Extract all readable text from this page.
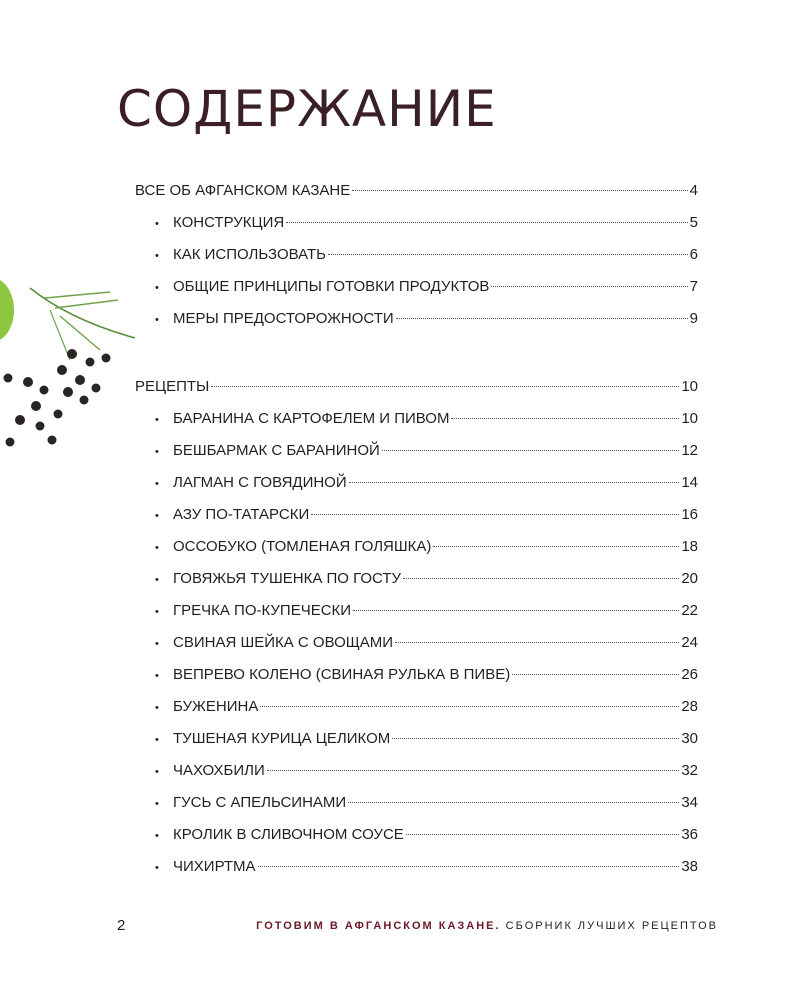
СОДЕРЖАНИЕ
ВСЕ ОБ АФГАНСКОМ КАЗАНЕ	4
• КОНСТРУКЦИЯ	5
• КАК ИСПОЛЬЗОВАТЬ	6
• ОБЩИЕ ПРИНЦИПЫ ГОТОВКИ ПРОДУКТОВ	7
• МЕРЫ ПРЕДОСТОРОЖНОСТИ	9
РЕЦЕПТЫ	10
• БАРАНИНА С КАРТОФЕЛЕМ И ПИВОМ	10
• БЕШБАРМАК С БАРАНИНОЙ	12
• ЛАГМАН С ГОВЯДИНОЙ	14
• АЗУ ПО-ТАТАРСКИ	16
• ОССОБУКО (ТОМЛЕНАЯ ГОЛЯШКА)	18
• ГОВЯЖЬЯ ТУШЕНКА ПО ГОСТУ	20
• ГРЕЧКА ПО-КУПЕЧЕСКИ	22
• СВИНАЯ ШЕЙКА С ОВОЩАМИ	24
• ВЕПРЕВО КОЛЕНО (СВИНАЯ РУЛЬКА В ПИВЕ)	26
• БУЖЕНИНА	28
• ТУШЕНАЯ КУРИЦА ЦЕЛИКОМ	30
• ЧАХОХБИЛИ	32
• ГУСЬ С АПЕЛЬСИНАМИ	34
• КРОЛИК В СЛИВОЧНОМ СОУСЕ	36
• ЧИХИРТМА	38
2	ГОТОВИМ В АФГАНСКОМ КАЗАНЕ. СБОРНИК ЛУЧШИХ РЕЦЕПТОВ
